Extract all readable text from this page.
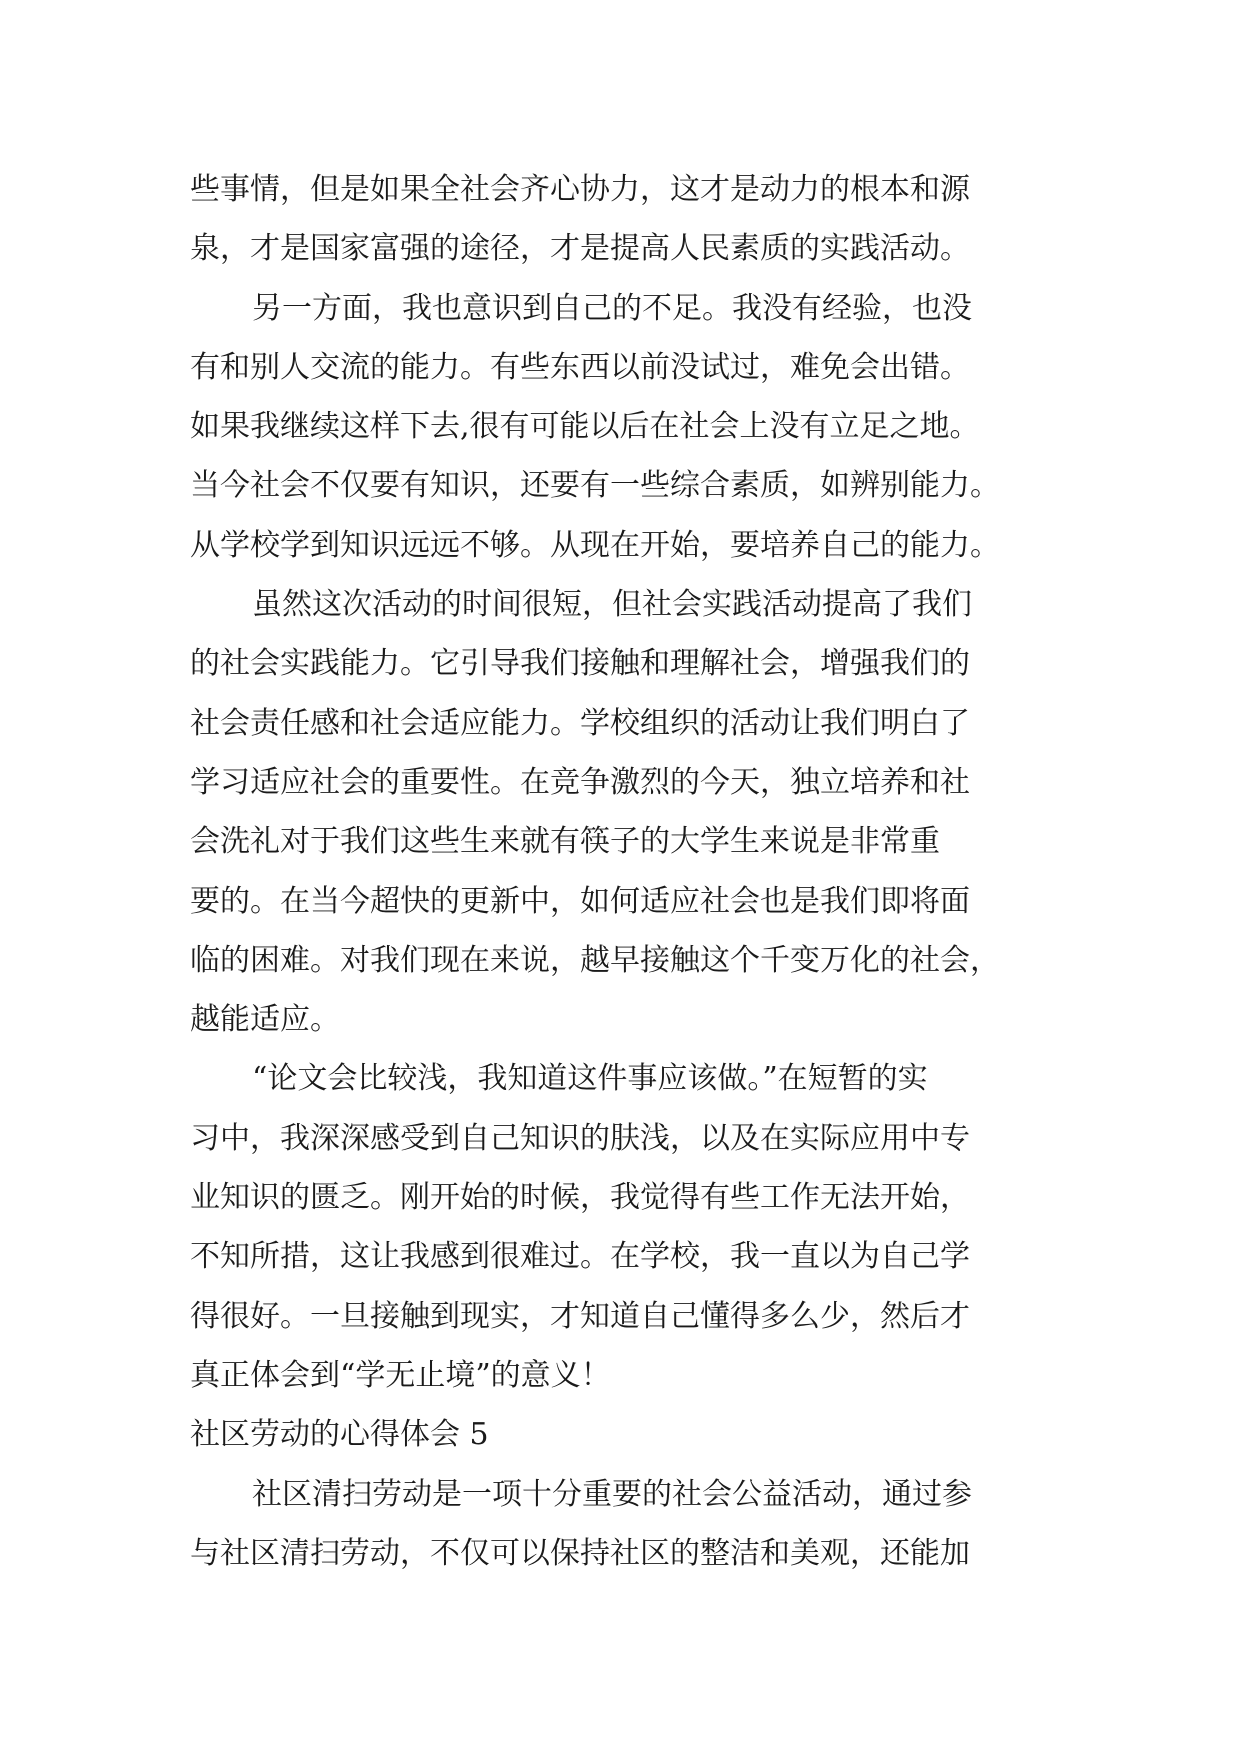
些事情，但是如果全社会齐心协力，这才是动力的根本和源
泉，才是国家富强的途径，才是提高人民素质的实践活动。

另一方面，我也意识到自己的不足。我没有经验，也没
有和别人交流的能力。有些东西以前没试过，难免会出错。
如果我继续这样下去,很有可能以后在社会上没有立足之地。
当今社会不仅要有知识，还要有一些综合素质，如辨别能力。
从学校学到知识远远不够。从现在开始，要培养自己的能力。

虽然这次活动的时间很短，但社会实践活动提高了我们
的社会实践能力。它引导我们接触和理解社会，增强我们的
社会责任感和社会适应能力。学校组织的活动让我们明白了
学习适应社会的重要性。在竞争激烈的今天，独立培养和社
会洗礼对于我们这些生来就有筷子的大学生来说是非常重
要的。在当今超快的更新中，如何适应社会也是我们即将面
临的困难。对我们现在来说，越早接触这个千变万化的社会，
越能适应。

“论文会比较浅，我知道这件事应该做。”在短暂的实
习中，我深深感受到自己知识的肤浅，以及在实际应用中专
业知识的匮乏。刚开始的时候，我觉得有些工作无法开始，
不知所措，这让我感到很难过。在学校，我一直以为自己学
得很好。一旦接触到现实，才知道自己懂得多么少，然后才
真正体会到“学无止境”的意义！

社区劳动的心得体会 5

社区清扫劳动是一项十分重要的社会公益活动，通过参
与社区清扫劳动，不仅可以保持社区的整洁和美观，还能加
